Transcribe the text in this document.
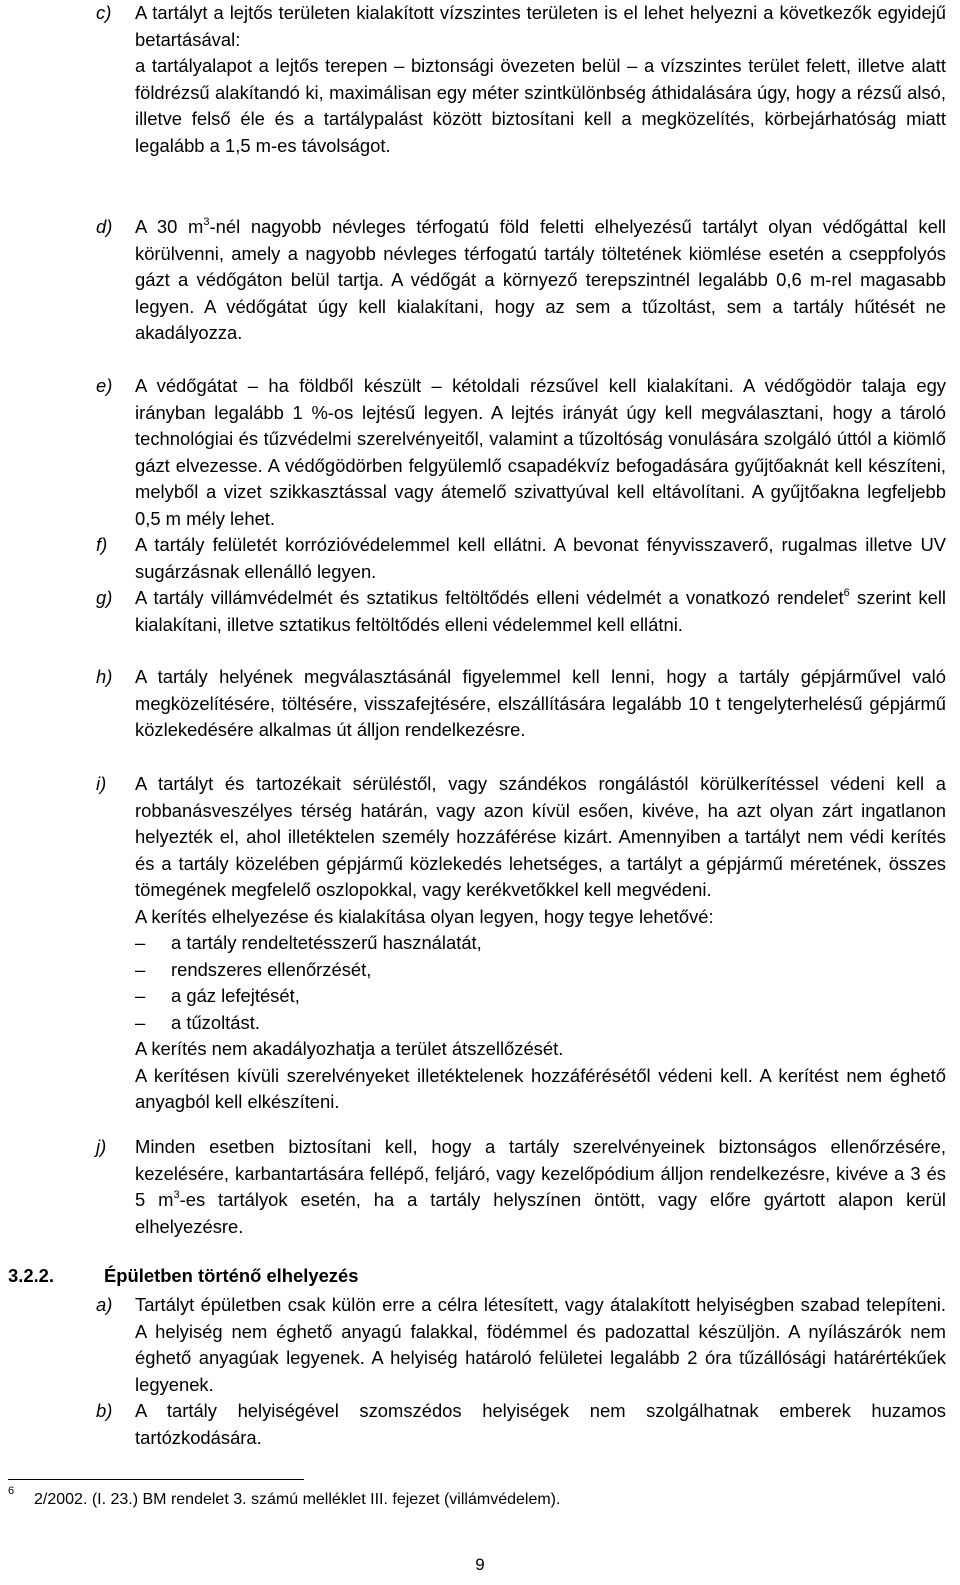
c) A tartályt a lejtős területen kialakított vízszintes területen is el lehet helyezni a következők egyidejű betartásával:

a tartályalapot a lejtős terepen – biztonsági övezeten belül – a vízszintes terület felett, illetve alatt földrézsű alakítandó ki, maximálisan egy méter szintkülönbség áthidalására úgy, hogy a rézsű alsó, illetve felső éle és a tartálypalást között biztosítani kell a megközelítés, körbejárhatóság miatt legalább a 1,5 m-es távolságot.

d) A 30 $m^3$-nél nagyobb névleges térfogatú föld feletti elhelyezésű tartályt olyan védőgáttal kell körülvenni, amely a nagyobb névleges térfogatú tartály töltetének kiömlése esetén a cseppfolyós gázt a védőgáton belül tartja. A védőgát a környező terepszintnél legalább 0,6 m-rel magasabb legyen. A védőgátat úgy kell kialakítani, hogy az sem a tűzoltást, sem a tartály hűtését ne akadályozza.

e) A védőgátat – ha földből készült – kétoldali rézsűvel kell kialakítani. A védőgödör talaja egy irányban legalább 1 %-os lejtésű legyen. A lejtés irányát úgy kell megválasztani, hogy a tároló technológiai és tűzvédelmi szerelvényeitől, valamint a tűzoltóság vonulására szolgáló úttól a kiömlő gázt elvezesse. A védőgödörben felgyülemlő csapadékvíz befogadására gyűjtőaknát kell készíteni, melyből a vizet szikkasztással vagy átemelő szivattyúval kell eltávolítani. A gyűjtőakna legfeljebb 0,5 m mély lehet.

f) A tartály felületét korrózióvédelemmel kell ellátni. A bevonat fényvisszaverő, rugalmas illetve UV sugárzásnak ellenálló legyen.

g) A tartály villámvédelmét és sztatikus feltöltődés elleni védelmét a vonatkozó rendelet$^6$ szerint kell kialakítani, illetve sztatikus feltöltődés elleni védelemmel kell ellátni.

h) A tartály helyének megválasztásánál figyelemmel kell lenni, hogy a tartály gépjárművel való megközelítésére, töltésére, visszafejtésére, elszállítására legalább 10 t tengelyterhelésű gépjármű közlekedésére alkalmas út álljon rendelkezésre.

i) A tartályt és tartozékait sérüléstől, vagy szándékos rongálástól körülkerítéssel védeni kell a robbanásveszélyes térség határán, vagy azon kívül esően, kivéve, ha azt olyan zárt ingatlanon helyezték el, ahol illetéktelen személy hozzáférése kizárt. Amennyiben a tartályt nem védi kerítés és a tartály közelében gépjármű közlekedés lehetséges, a tartályt a gépjármű méretének, összes tömegének megfelelő oszlopokkal, vagy kerékvetőkkel kell megvédeni.

A kerítés elhelyezése és kialakítása olyan legyen, hogy tegye lehetővé:

– a tartály rendeltetésszerű használatát,
– rendszeres ellenőrzését,
– a gáz lefejtését,
– a tűzoltást.

A kerítés nem akadályozhatja a terület átszellőzését.

A kerítésen kívüli szerelvényeket illetéktelenek hozzáférésétől védeni kell. A kerítést nem éghető anyagból kell elkészíteni.

j) Minden esetben biztosítani kell, hogy a tartály szerelvényeinek biztonságos ellenőrzésére, kezelésére, karbantartására fellépő, feljáró, vagy kezelőpódium álljon rendelkezésre, kivéve a 3 és 5 $m^3-es$ tartályok esetén, ha a tartály helyszínen öntött, vagy előre gyártott alapon kerül elhelyezésre.

3.2.2.	Épületben történő elhelyezés
a) Tartályt épületben csak külön erre a célra létesített, vagy átalakított helyiségben szabad telepíteni. A helyiség nem éghető anyagú falakkal, födémmel és padozattal készüljön. A nyílászárók nem éghető anyagúak legyenek. A helyiség határoló felületei legalább 2 óra tűzállósági határértékűek legyenek.

b) A tartály helyiségével szomszédos helyiségek nem szolgálhatnak emberek huzamos tartózkodására.

6 2/2002. (I. 23.) BM rendelet 3. számú melléklet III. fejezet (villámvédelem).
9
